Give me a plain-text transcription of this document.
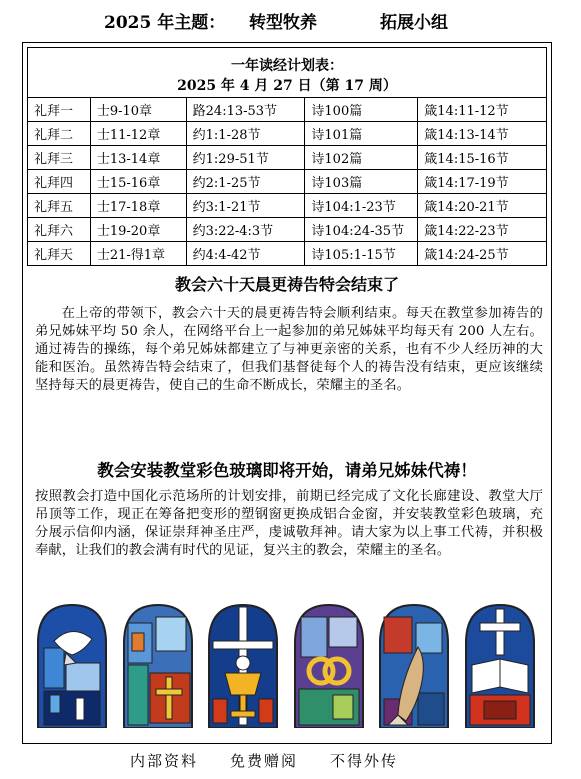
2025 年主题： 转型牧养	拓展小组
一年读经计划表：
2025 年 4 月 27 日（第 17 周）
礼拜一	士9-10章	路24:13-53节	诗100篇	箴14:11-12节
礼拜二	士11-12章	约1:1-28节	诗101篇	箴14:13-14节
礼拜三	士13-14章	约1:29-51节	诗102篇	箴14:15-16节
礼拜四	士15-16章	约2:1-25节	诗103篇	箴14:17-19节
礼拜五	士17-18章	约3:1-21节	诗104:1-23节	箴14:20-21节
礼拜六	士19-20章	约3:22-4:3节	诗104:24-35节	箴14:22-23节
礼拜天	士21-得1章	约4:4-42节	诗105:1-15节	箴14:24-25节
教会六十天晨更祷告特会结束了

在上帝的带领下，教会六十天的晨更祷告特会顺利结束。每天在教堂参加祷告的弟兄姊妹平均 50 余人，在网络平台上一起参加的弟兄姊妹平均每天有 200 人左右。通过祷告的操练，每个弟兄姊妹都建立了与神更亲密的关系，也有不少人经历神的大能和医治。虽然祷告特会结束了，但我们基督徒每个人的祷告没有结束，更应该继续坚持每天的晨更祷告，使自己的生命不断成长，荣耀主的圣名。

教会安装教堂彩色玻璃即将开始，请弟兄姊妹代祷！

按照教会打造中国化示范场所的计划安排，前期已经完成了文化长廊建设、教堂大厅吊顶等工作，现正在筹备把变形的塑钢窗更换成铝合金窗，并安装教堂彩色玻璃，充分展示信仰内涵，保证崇拜神圣庄严，虔诚敬拜神。请大家为以上事工代祷，并积极奉献，让我们的教会满有时代的见证，复兴主的教会，荣耀主的圣名。

内部资料 免费赠阅 不得外传
